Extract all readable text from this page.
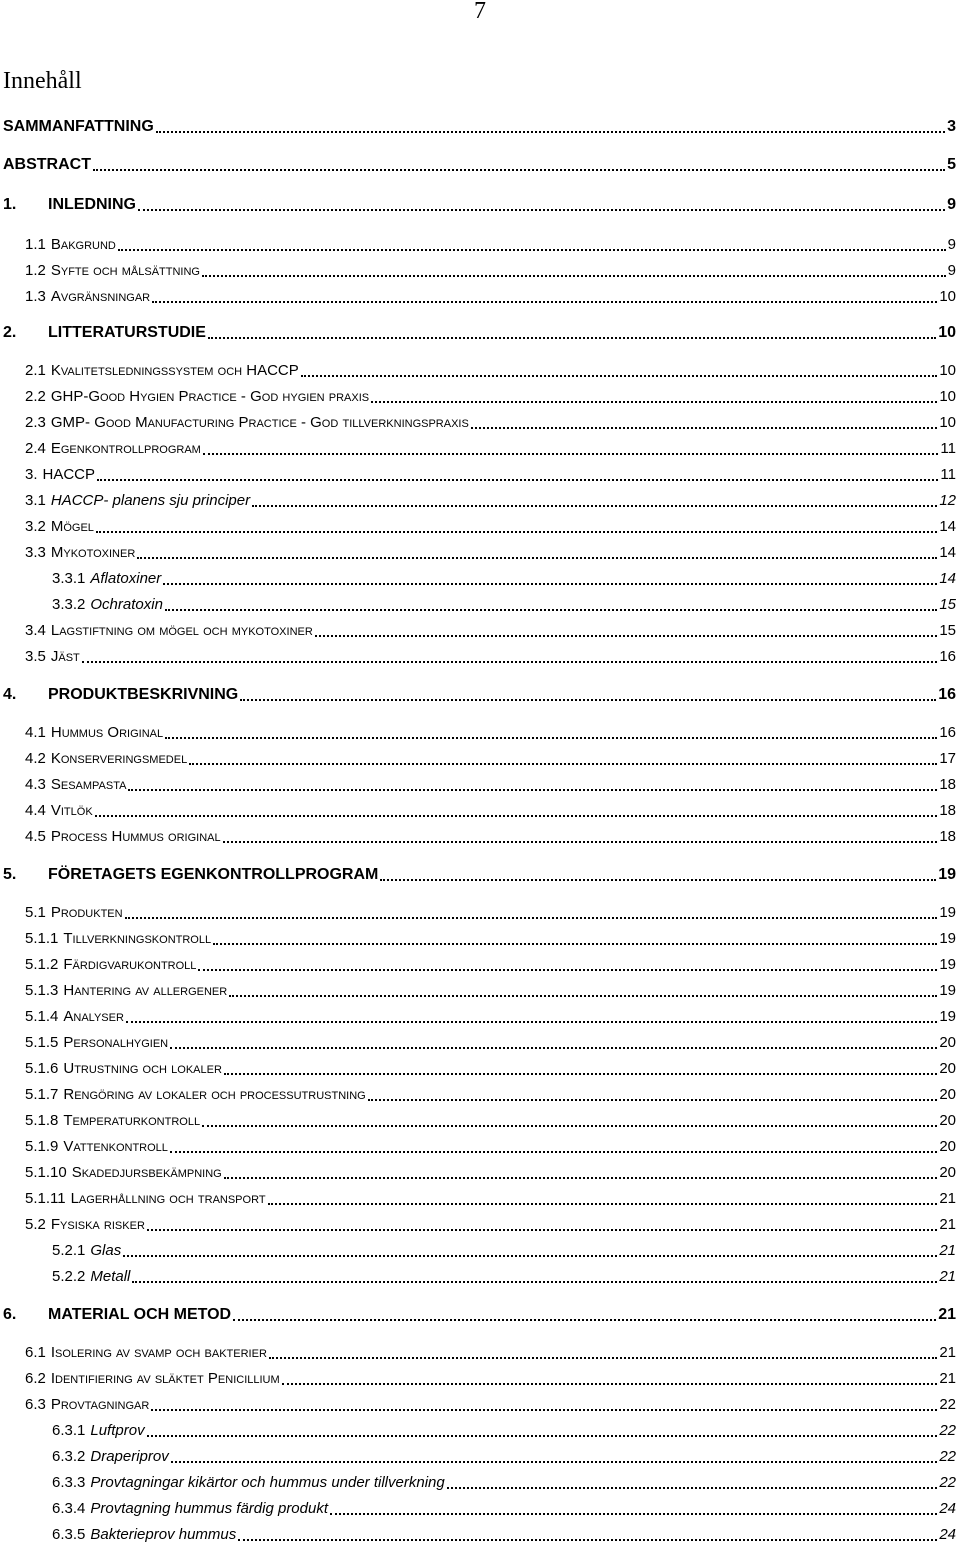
7
Innehåll
SAMMANFATTNING	3
ABSTRACT	5
1.	INLEDNING	9
1.1 Bakgrund	9
1.2 Syfte och målsättning	9
1.3 Avgränsningar	10
2.	LITTERATURSTUDIE	10
2.1 Kvalitetsledningssystem och HACCP	10
2.2 GHP-Good Hygien Practice - God hygien praxis	10
2.3 GMP- Good Manufacturing Practice - God tillverkningspraxis	10
2.4 Egenkontrollprogram	11
3. HACCP	11
3.1 HACCP- planens sju principer	12
3.2 Mögel	14
3.3 Mykotoxiner	14
3.3.1 Aflatoxiner	14
3.3.2 Ochratoxin	15
3.4 Lagstiftning om mögel och mykotoxiner	15
3.5 Jäst	16
4.	PRODUKTBESKRIVNING	16
4.1 Hummus Original	16
4.2 Konserveringsmedel	17
4.3 Sesampasta	18
4.4 Vitlök	18
4.5 Process Hummus original	18
5.	FÖRETAGETS EGENKONTROLLPROGRAM	19
5.1 Produkten	19
5.1.1 Tillverkningskontroll	19
5.1.2 Färdigvarukontroll	19
5.1.3 Hantering av allergener	19
5.1.4 Analyser	19
5.1.5 Personalhygien	20
5.1.6 Utrustning och lokaler	20
5.1.7 Rengöring av lokaler och processutrustning	20
5.1.8 Temperaturkontroll	20
5.1.9 Vattenkontroll	20
5.1.10 Skadedjursbekämpning	20
5.1.11 Lagerhållning och transport	21
5.2 Fysiska risker	21
5.2.1 Glas	21
5.2.2 Metall	21
6.	MATERIAL OCH METOD	21
6.1 Isolering av svamp och bakterier	21
6.2 Identifiering av släktet Penicillium	21
6.3 Provtagningar	22
6.3.1 Luftprov	22
6.3.2 Draperiprov	22
6.3.3 Provtagningar kikärtor och hummus under tillverkning	22
6.3.4 Provtagning hummus färdig produkt	24
6.3.5 Bakterieprov hummus	24
